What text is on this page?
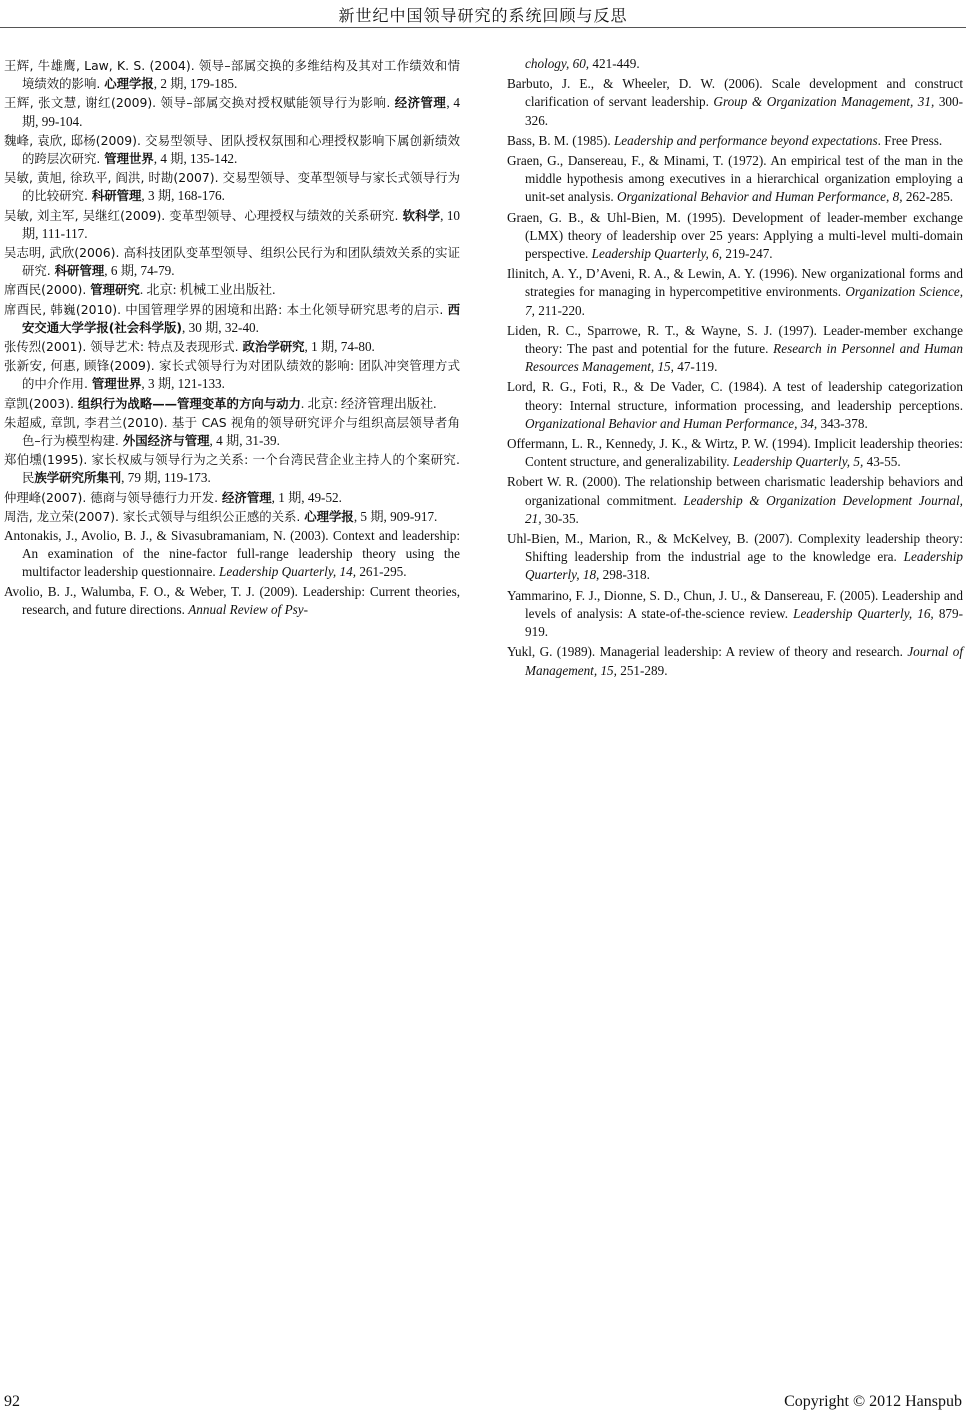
新世纪中国领导研究的系统回顾与反思

王辉, 牛雄鹰, Law, K. S. (2004). 领导–部属交换的多维结构及其对工作绩效和情境绩效的影响. 心理学报, 2 期, 179-185.

王辉, 张文慧, 谢红(2009). 领导–部属交换对授权赋能领导行为影响. 经济管理, 4 期, 99-104.

魏峰, 袁欣, 邸杨(2009). 交易型领导、团队授权氛围和心理授权影响下属创新绩效的跨层次研究. 管理世界, 4 期, 135-142.

吴敏, 黄旭, 徐玖平, 阎洪, 时勘(2007). 交易型领导、变革型领导与家长式领导行为的比较研究. 科研管理, 3 期, 168-176.

吴敏, 刘主军, 吴继红(2009). 变革型领导、心理授权与绩效的关系研究. 软科学, 10 期, 111-117.

吴志明, 武欣(2006). 高科技团队变革型领导、组织公民行为和团队绩效关系的实证研究. 科研管理, 6 期, 74-79.

席酉民(2000). 管理研究. 北京: 机械工业出版社.

席酉民, 韩巍(2010). 中国管理学界的困境和出路: 本土化领导研究思考的启示. 西安交通大学学报(社会科学版), 30 期, 32-40.

张传烈(2001). 领导艺术: 特点及表现形式. 政治学研究, 1 期, 74-80.

张新安, 何惠, 顾锋(2009). 家长式领导行为对团队绩效的影响: 团队冲突管理方式的中介作用. 管理世界, 3 期, 121-133.

章凯(2003). 组织行为战略——管理变革的方向与动力. 北京: 经济管理出版社.

朱超威, 章凯, 李君兰(2010). 基于 CAS 视角的领导研究评介与组织高层领导者角色–行为模型构建. 外国经济与管理, 4 期, 31-39.

郑伯壎(1995). 家长权威与领导行为之关系: 一个台湾民营企业主持人的个案研究. 民族学研究所集刊, 79 期, 119-173.

仲理峰(2007). 德商与领导德行力开发. 经济管理, 1 期, 49-52.

周浩, 龙立荣(2007). 家长式领导与组织公正感的关系. 心理学报, 5 期, 909-917.

Antonakis, J., Avolio, B. J., & Sivasubramaniam, N. (2003). Context and leadership: An examination of the nine-factor full-range leadership theory using the multifactor leadership questionnaire. Leadership Quarterly, 14, 261-295.

Avolio, B. J., Walumba, F. O., & Weber, T. J. (2009). Leadership: Current theories, research, and future directions. Annual Review of Psy-

chology, 60, 421-449.

Barbuto, J. E., & Wheeler, D. W. (2006). Scale development and construct clarification of servant leadership. Group & Organization Management, 31, 300-326.

Bass, B. M. (1985). Leadership and performance beyond expectations. Free Press.

Graen, G., Dansereau, F., & Minami, T. (1972). An empirical test of the man in the middle hypothesis among executives in a hierarchical organization employing a unit-set analysis. Organizational Behavior and Human Performance, 8, 262-285.

Graen, G. B., & Uhl-Bien, M. (1995). Development of leader-member exchange (LMX) theory of leadership over 25 years: Applying a multi-level multi-domain perspective. Leadership Quarterly, 6, 219-247.

Ilinitch, A. Y., D’Aveni, R. A., & Lewin, A. Y. (1996). New organizational forms and strategies for managing in hypercompetitive environments. Organization Science, 7, 211-220.

Liden, R. C., Sparrowe, R. T., & Wayne, S. J. (1997). Leader-member exchange theory: The past and potential for the future. Research in Personnel and Human Resources Management, 15, 47-119.

Lord, R. G., Foti, R., & De Vader, C. (1984). A test of leadership categorization theory: Internal structure, information processing, and leadership perceptions. Organizational Behavior and Human Performance, 34, 343-378.

Offermann, L. R., Kennedy, J. K., & Wirtz, P. W. (1994). Implicit leadership theories: Content structure, and generalizability. Leadership Quarterly, 5, 43-55.

Robert W. R. (2000). The relationship between charismatic leadership behaviors and organizational commitment. Leadership & Organization Development Journal, 21, 30-35.

Uhl-Bien, M., Marion, R., & McKelvey, B. (2007). Complexity leadership theory: Shifting leadership from the industrial age to the knowledge era. Leadership Quarterly, 18, 298-318.

Yammarino, F. J., Dionne, S. D., Chun, J. U., & Dansereau, F. (2005). Leadership and levels of analysis: A state-of-the-science review. Leadership Quarterly, 16, 879-919.

Yukl, G. (1989). Managerial leadership: A review of theory and research. Journal of Management, 15, 251-289.

92	Copyright © 2012 Hanspub
